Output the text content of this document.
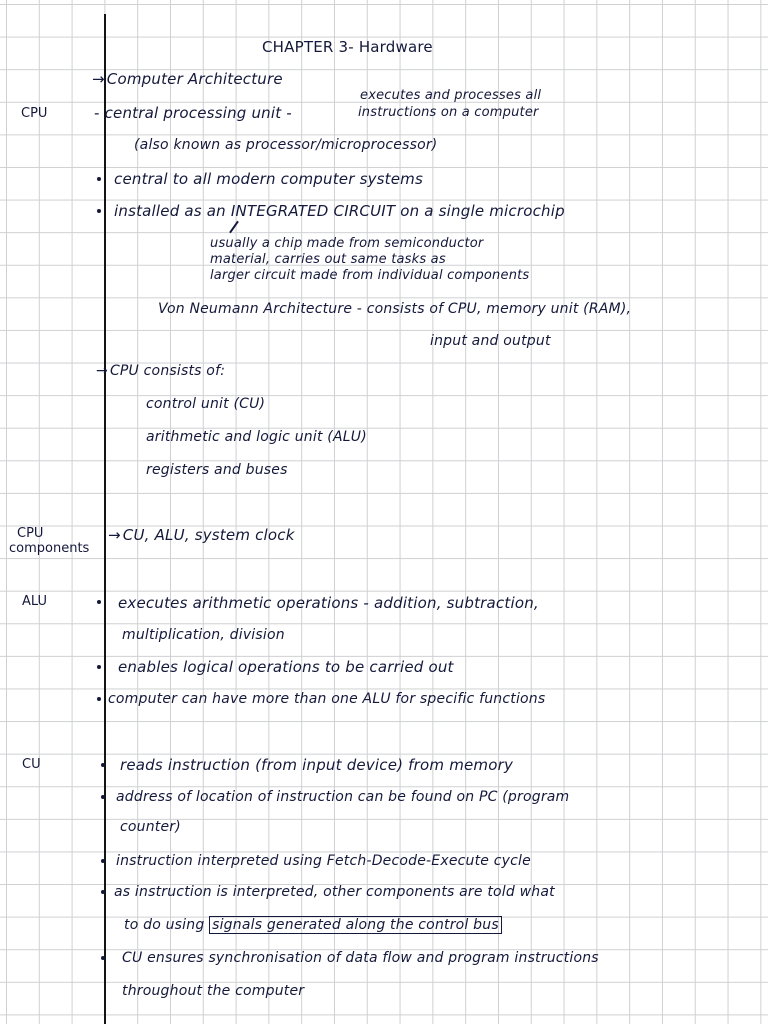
CHAPTER 3- Hardware
→ Computer Architecture
CPU	- central processing unit -
executes and processes all
instructions on a computer
(also known as processor/microprocessor)
central to all modern computer systems
installed as an INTEGRATED CIRCUIT on a single microchip
usually a chip made from semiconductor
material, carries out same tasks as
larger circuit made from individual components
Von Neumann Architecture - consists of CPU, memory unit (RAM),
input and output
→ CPU consists of:
control unit (CU)
arithmetic and logic unit (ALU)
registers and buses
CPU
components
→ CU, ALU, system clock
ALU	executes arithmetic operations - addition, subtraction,
multiplication, division
enables logical operations to be carried out
computer can have more than one ALU for specific functions
CU	reads instruction (from input device) from memory
address of location of instruction can be found on PC (program
counter)
instruction interpreted using Fetch-Decode-Execute cycle
as instruction is interpreted, other components are told what
to do using signals generated along the control bus
CU ensures synchronisation of data flow and program instructions
throughout the computer
